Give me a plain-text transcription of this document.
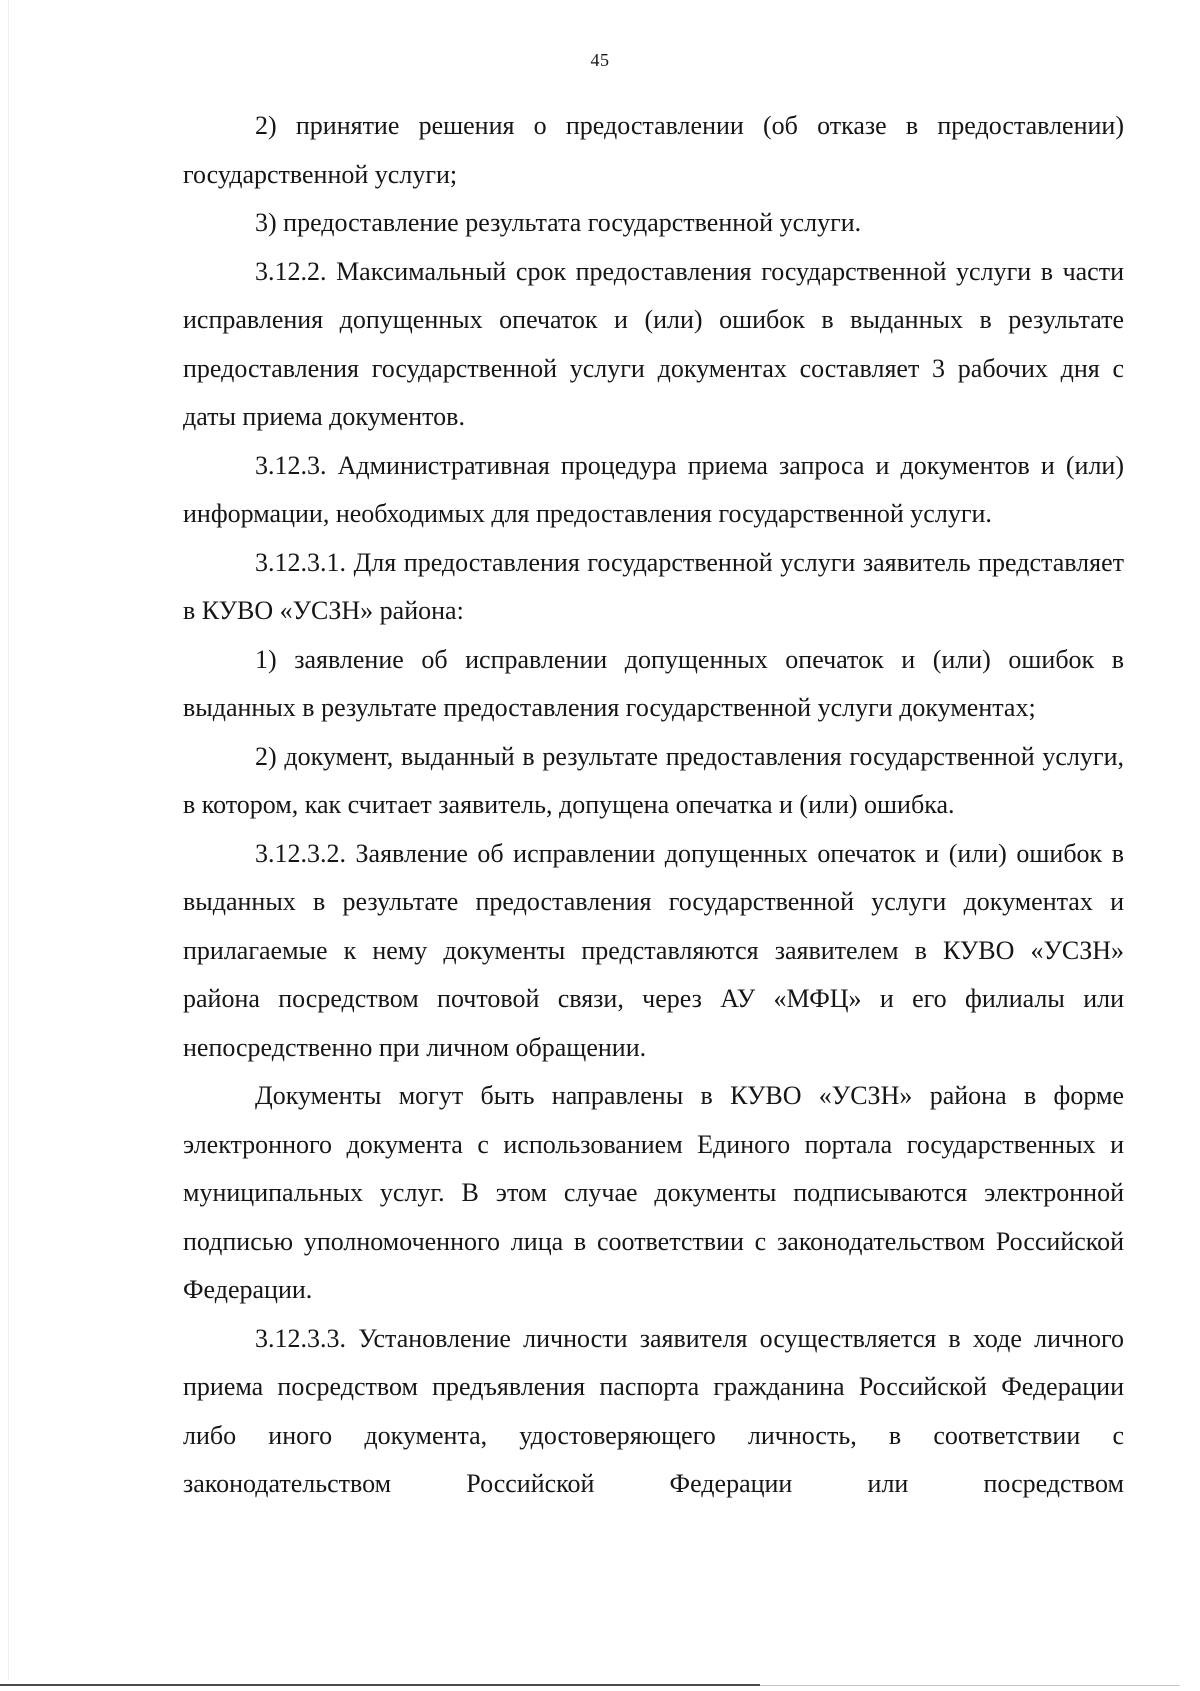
45

2) принятие решения о предоставлении (об отказе в предоставлении) государственной услуги;

3) предоставление результата государственной услуги.

3.12.2. Максимальный срок предоставления государственной услуги в части исправления допущенных опечаток и (или) ошибок в выданных в результате предоставления государственной услуги документах составляет 3 рабочих дня с даты приема документов.

3.12.3. Административная процедура приема запроса и документов и (или) информации, необходимых для предоставления государственной услуги.

3.12.3.1. Для предоставления государственной услуги заявитель представляет в КУВО «УСЗН» района:

1) заявление об исправлении допущенных опечаток и (или) ошибок в выданных в результате предоставления государственной услуги документах;

2) документ, выданный в результате предоставления государственной услуги, в котором, как считает заявитель, допущена опечатка и (или) ошибка.

3.12.3.2. Заявление об исправлении допущенных опечаток и (или) ошибок в выданных в результате предоставления государственной услуги документах и прилагаемые к нему документы представляются заявителем в КУВО «УСЗН» района посредством почтовой связи, через АУ «МФЦ» и его филиалы или непосредственно при личном обращении.

Документы могут быть направлены в КУВО «УСЗН» района в форме электронного документа с использованием Единого портала государственных и муниципальных услуг. В этом случае документы подписываются электронной подписью уполномоченного лица в соответствии с законодательством Российской Федерации.

3.12.3.3. Установление личности заявителя осуществляется в ходе личного приема посредством предъявления паспорта гражданина Российской Федерации либо иного документа, удостоверяющего личность, в соответствии с законодательством Российской Федерации или посредством
